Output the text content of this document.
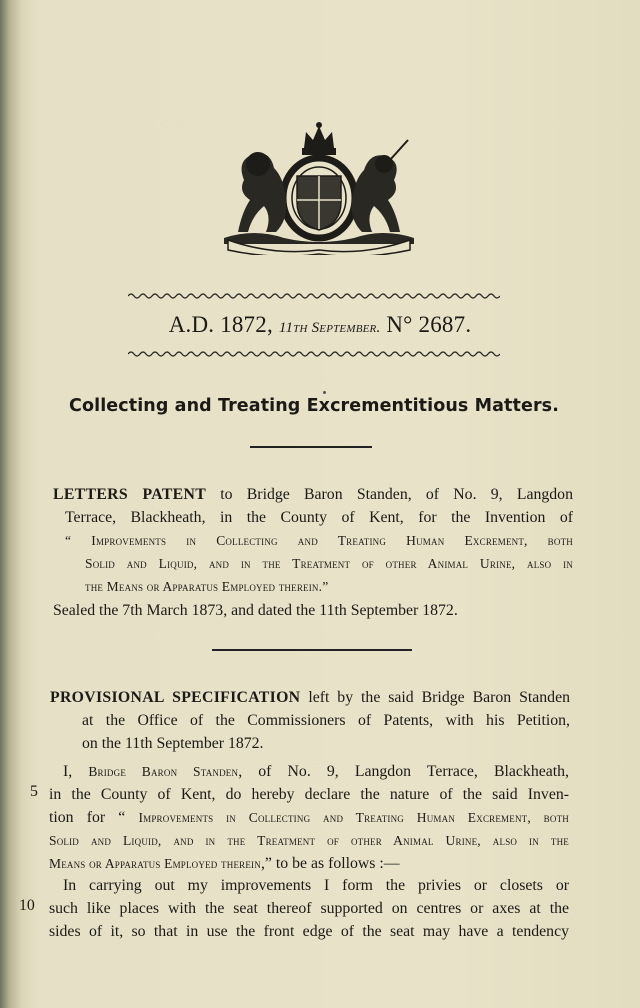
A.D. 1872, 11th September. N° 2687.
Collecting and Treating Excrementitious Matters.
LETTERS PATENT to Bridge Baron Standen, of No. 9, Langdon
Terrace, Blackheath, in the County of Kent, for the Invention of
“ Improvements in Collecting and Treating Human Excrement, both
Solid and Liquid, and in the Treatment of other Animal Urine, also in
the Means or Apparatus Employed therein.”
Sealed the 7th March 1873, and dated the 11th September 1872.
PROVISIONAL SPECIFICATION left by the said Bridge Baron Standen
at the Office of the Commissioners of Patents, with his Petition,
on the 11th September 1872.
I, Bridge Baron Standen, of No. 9, Langdon Terrace, Blackheath,
in the County of Kent, do hereby declare the nature of the said Inven-
tion for “ Improvements in Collecting and Treating Human Excrement, both
Solid and Liquid, and in the Treatment of other Animal Urine, also in the
Means or Apparatus Employed therein,” to be as follows :—
In carrying out my improvements I form the privies or closets or
such like places with the seat thereof supported on centres or axes at the
sides of it, so that in use the front edge of the seat may have a tendency
5
10
